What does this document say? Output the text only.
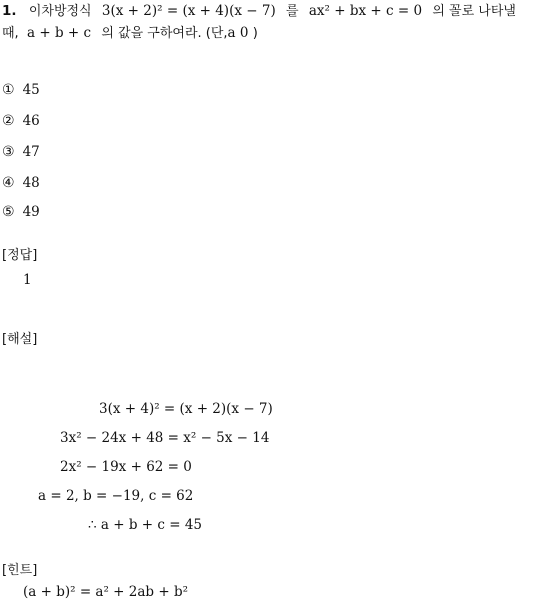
1. 이차방정식 3(x + 2)² = (x + 4)(x − 7) 를 ax² + bx + c = 0 의 꼴로 나타낼
때, a + b + c 의 값을 구하여라. (단,a 0 )
① 45
② 46
③ 47
④ 48
⑤ 49
[정답]
1
[해설]
3(x + 4)² = (x + 2)(x − 7)
3x² − 24x + 48 = x² − 5x − 14
2x² − 19x + 62 = 0
a = 2, b = −19, c = 62
∴ a + b + c = 45
[힌트]
(a + b)² = a² + 2ab + b²
